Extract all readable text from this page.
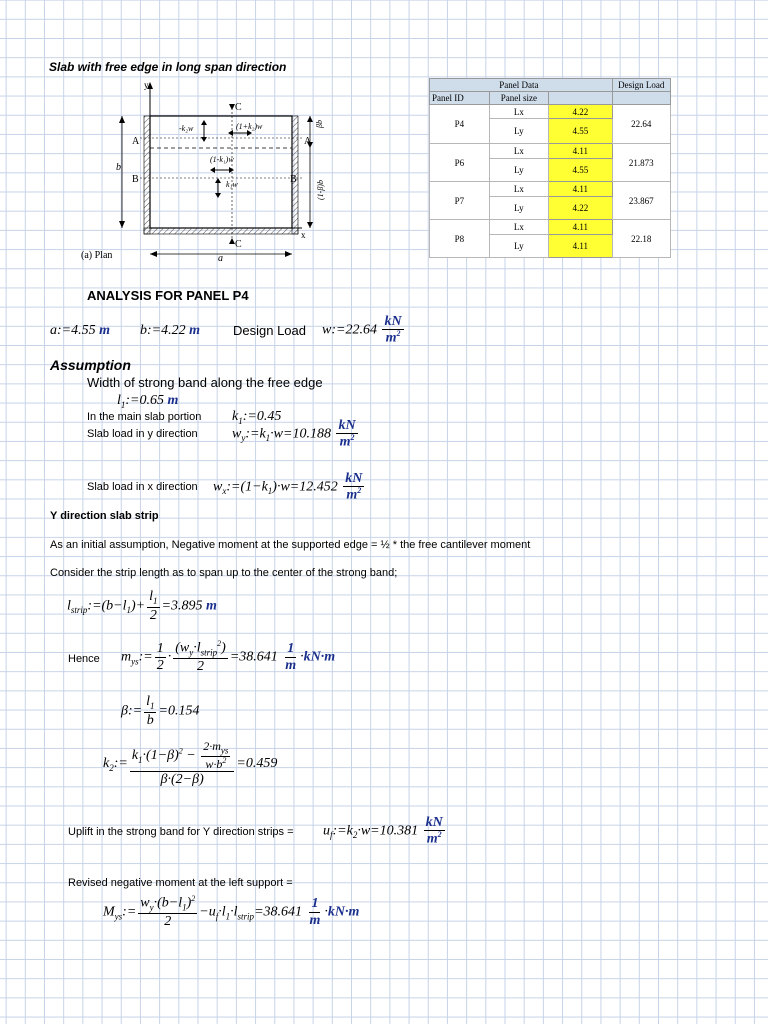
Slab with free edge in long span direction
y
x
C
C
A	A
B	B
b
a
βb
(1-β)b
-k₂w	(1+k₂)w
(1-k₁)w
k₁w
(a) Plan
	Panel Data		Design Load
Panel ID	Panel size		
P4	Lx	4.22	22.64
	Ly	4.55	
P6	Lx	4.11	21.873
	Ly	4.55	
P7	Lx	4.11	23.867
	Ly	4.22	
P8	Lx	4.11	22.18
	Ly	4.11	
ANALYSIS FOR PANEL P4
a:=4.55 m b:=4.22 m	Design Load w:=22.64 $\frac{kN}{m^2}$
Assumption
Width of strong band along the free edge
$l_1:=0.65$ m
In the main slab portion $k_1:=0.45$
Slab load in y direction $w_y:=k_1\cdot w=10.188 \frac{kN}{m^2}$
Slab load in x direction $w_x:=(1-k_1)\cdot w=12.452 \frac{kN}{m^2}$
Y direction slab strip
As an initial assumption, Negative moment at the supported edge = ½ * the free cantilever moment
Consider the strip length as to span up to the center of the strong band;
$l_{strip}:=(b-l_1)+ \frac{l_1}{2} =3.895$ m
Hence $m_{ys}:= \frac{1}{2} \cdot \frac{(w_y\cdot l_{strip}^2)}{2} =38.641 \frac{1}{m} \cdot kN\cdot m$
β:= $\frac{l_1}{b} =0.154$
$k_2:= \frac{k_1\cdot(1-\beta)^2 - \frac{2\cdot m_{ys}}{w\cdot b^2}}{\beta\cdot(2-\beta)} =0.459$
Uplift in the strong band for Y direction strips = $u_f:=k_2\cdot w=10.381 \frac{kN}{m^2}$
Revised negative moment at the left support =
$M_{ys}:= \frac{w_y\cdot(b-l_1)^2}{2} -u_f\cdot l_1\cdot l_{strip}=38.641 \frac{1}{m} \cdot kN\cdot m$
